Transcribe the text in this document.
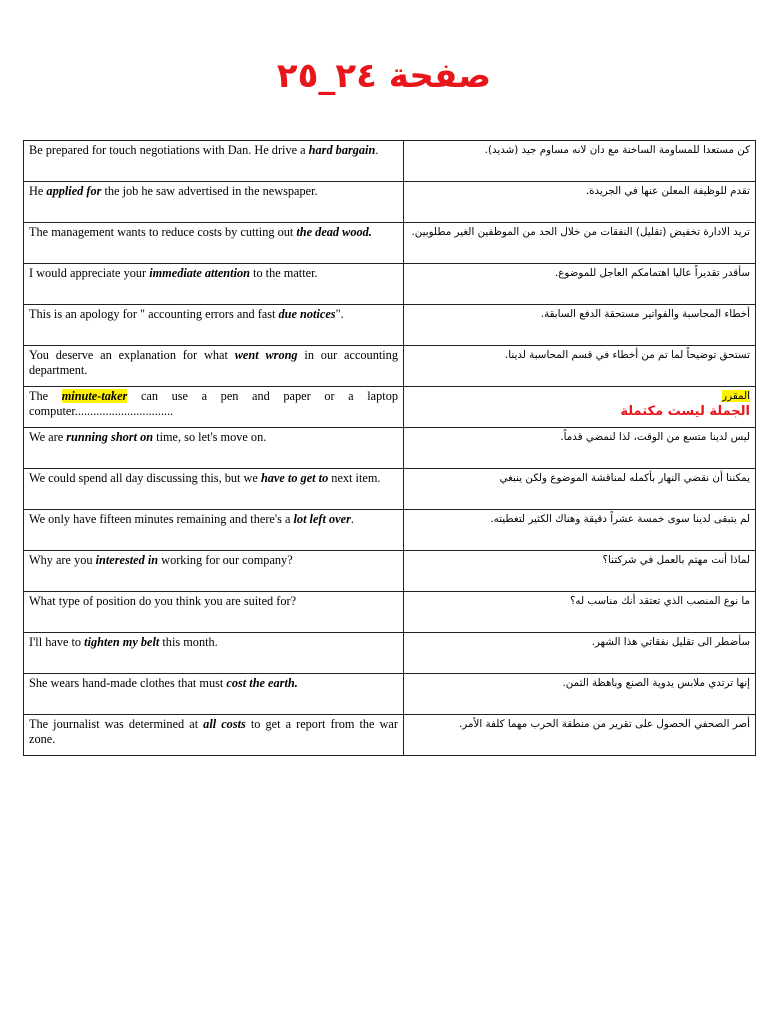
صفحة ٢٤_٢٥
Be prepared for touch negotiations with Dan. He drive a hard bargain.	كن مستعدا للمساومة الساخنة مع دان لانه مساوم جيد (شديد).
He applied for the job he saw advertised in the newspaper.	تقدم للوظيفة المعلن عنها في الجريدة.
The management wants to reduce costs by cutting out the dead wood.	تريد الادارة تخفيض (تقليل) النفقات من خلال الحد من الموظفين الغير مطلوبين.
I would appreciate your immediate attention to the matter.	سأقدر تقديراً عاليا اهتمامكم العاجل للموضوع.
This is an apology for " accounting errors and fast due notices".	أخطاء المحاسبة والفواتير مستحقة الدفع السابقة.
You deserve an explanation for what went wrong in our accounting department.	تستحق توضيحاً لما تم من أخطاء في قسم المحاسبة لدينا.
The minute-taker can use a pen and paper or a laptop computer................................	المقرر
الجملة ليست مكتملة

We are running short on time, so let's move on.	ليس لدينا متسع من الوقت، لذا لنمضي قدماً.
We could spend all day discussing this, but we have to get to next item.	يمكننا أن نقضي النهار بأكمله لمناقشة الموضوع ولكن ينبغي
We only have fifteen minutes remaining and there's a lot left over.	لم يتبقى لدينا سوى خمسة عشراً دقيقة وهناك الكثير لتغطيته.
Why are you interested in working for our company?	لماذا أنت مهتم بالعمل في شركتنا؟
What type of position do you think you are suited for?	ما نوع المنصب الذي تعتقد أنك مناسب له؟
I'll have to tighten my belt this month.	سأضطر الى تقليل نفقاتي هذا الشهر.
She wears hand-made clothes that must cost the earth.	إنها ترتدي ملابس يدوية الصنع وباهظة الثمن.
The journalist was determined at all costs to get a report from the war zone.	أصر الصحفي الحصول على تقرير من منطقة الحرب مهما كلفة الأمر.
